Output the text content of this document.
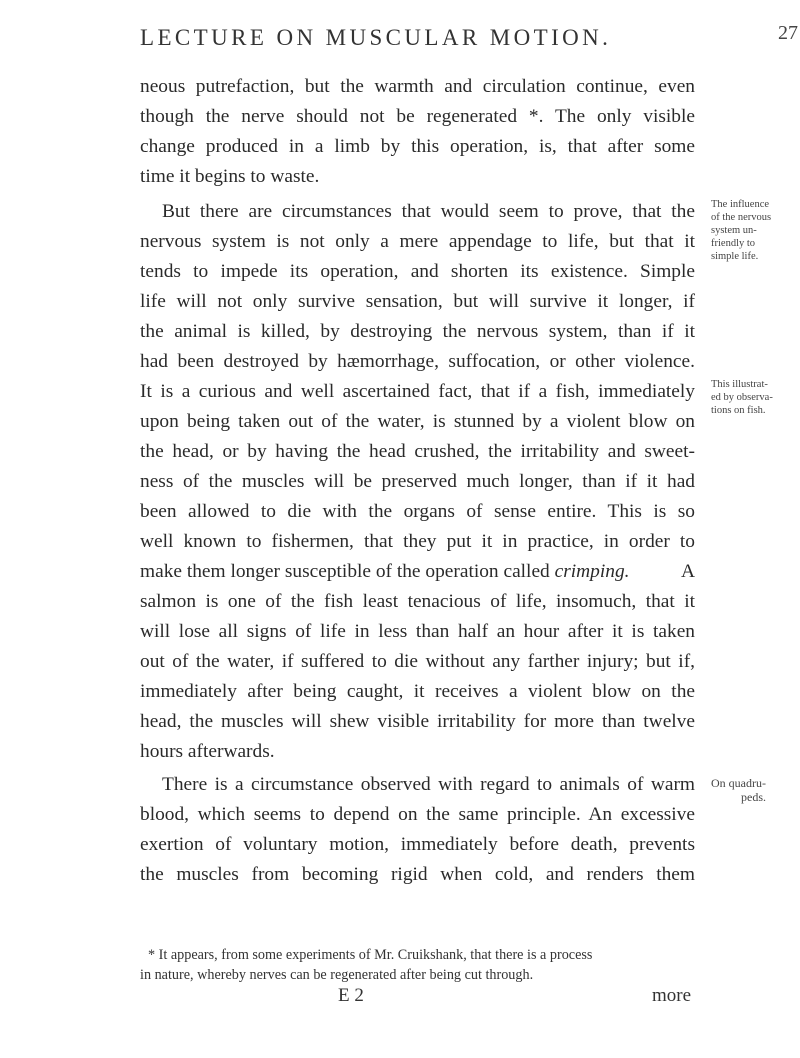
LECTURE ON MUSCULAR MOTION.	27
neous putrefaction, but the warmth and circulation continue, even
though the nerve should not be regenerated *. The only visible
change produced in a limb by this operation, is, that after some
time it begins to waste.
But there are circumstances that would seem to prove, that the
nervous system is not only a mere appendage to life, but that it
tends to impede its operation, and shorten its existence. Simple
life will not only survive sensation, but will survive it longer, if
the animal is killed, by destroying the nervous system, than if it
had been destroyed by hæmorrhage, suffocation, or other violence.
It is a curious and well ascertained fact, that if a fish, immediately
upon being taken out of the water, is stunned by a violent blow on
the head, or by having the head crushed, the irritability and sweet-
ness of the muscles will be preserved much longer, than if it had
been allowed to die with the organs of sense entire. This is so
well known to fishermen, that they put it in practice, in order to
make them longer susceptible of the operation called crimping.	A
salmon is one of the fish least tenacious of life, insomuch, that it
will lose all signs of life in less than half an hour after it is taken
out of the water, if suffered to die without any farther injury; but if,
immediately after being caught, it receives a violent blow on the
head, the muscles will shew visible irritability for more than twelve
hours afterwards.
There is a circumstance observed with regard to animals of warm
blood, which seems to depend on the same principle. An excessive
exertion of voluntary motion, immediately before death, prevents
the muscles from becoming rigid when cold, and renders them
The influence
of the nervous
system un-
friendly to
simple life.
This illustrat-
ed by observa-
tions on fish.
On quadru-
peds.
* It appears, from some experiments of Mr. Cruikshank, that there is a process
in nature, whereby nerves can be regenerated after being cut through.
E 2	more
